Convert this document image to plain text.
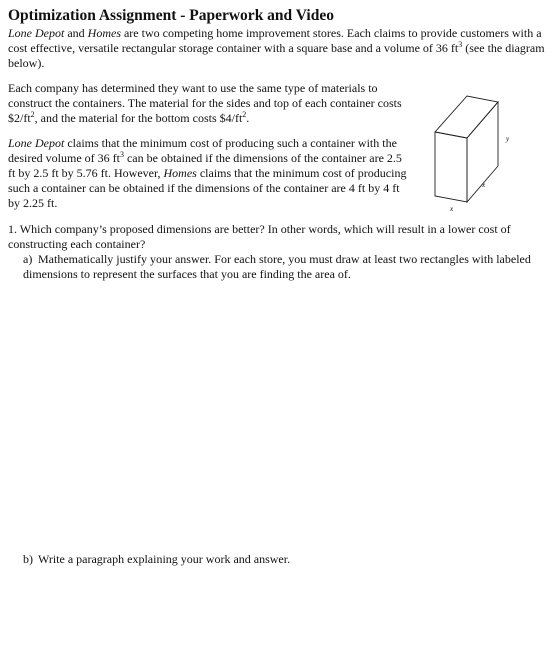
Optimization Assignment - Paperwork and Video

Lone Depot and Homes are two competing home improvement stores. Each claims to provide customers with a cost effective, versatile rectangular storage container with a square base and a volume of 36 $ft^3$ (see the diagram below).

Each company has determined they want to use the same type of materials to construct the containers. The material for the sides and top of each container costs $\$2/ft^2$, and the material for the bottom costs $\$4/ft^2$.

Lone Depot claims that the minimum cost of producing such a container with the desired volume of 36 $ft^3$ can be obtained if the dimensions of the container are 2.5 ft by 2.5 ft by 5.76 ft. However, Homes claims that the minimum cost of producing such a container can be obtained if the dimensions of the container are 4 ft by 4 ft by 2.25 ft.

1. Which company’s proposed dimensions are better? In other words, which will result in a lower cost of constructing each container?

a) Mathematically justify your answer. For each store, you must draw at least two rectangles with labeled dimensions to represent the surfaces that you are finding the area of.

b) Write a paragraph explaining your work and answer.

y
x
x
